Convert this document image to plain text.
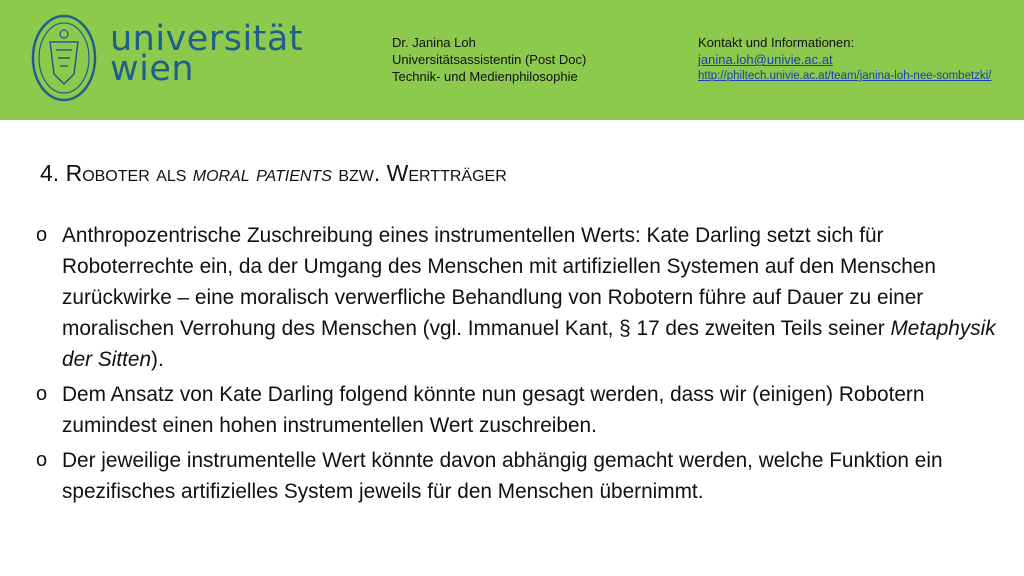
universität
wien
Dr. Janina Loh
Universitätsassistentin (Post Doc)
Technik- und Medienphilosophie
Kontakt und Informationen:
janina.loh@univie.ac.at
http://philtech.univie.ac.at/team/janina-loh-nee-sombetzki/
4. Roboter als moral patients bzw. Wertträger
o Anthropozentrische Zuschreibung eines instrumentellen Werts: Kate Darling setzt sich für Roboterrechte ein, da der Umgang des Menschen mit artifiziellen Systemen auf den Menschen zurückwirke – eine moralisch verwerfliche Behandlung von Robotern führe auf Dauer zu einer moralischen Verrohung des Menschen (vgl. Immanuel Kant, § 17 des zweiten Teils seiner Metaphysik der Sitten).
o Dem Ansatz von Kate Darling folgend könnte nun gesagt werden, dass wir (einigen) Robotern zumindest einen hohen instrumentellen Wert zuschreiben.
o Der jeweilige instrumentelle Wert könnte davon abhängig gemacht werden, welche Funktion ein spezifisches artifizielles System jeweils für den Menschen übernimmt.
